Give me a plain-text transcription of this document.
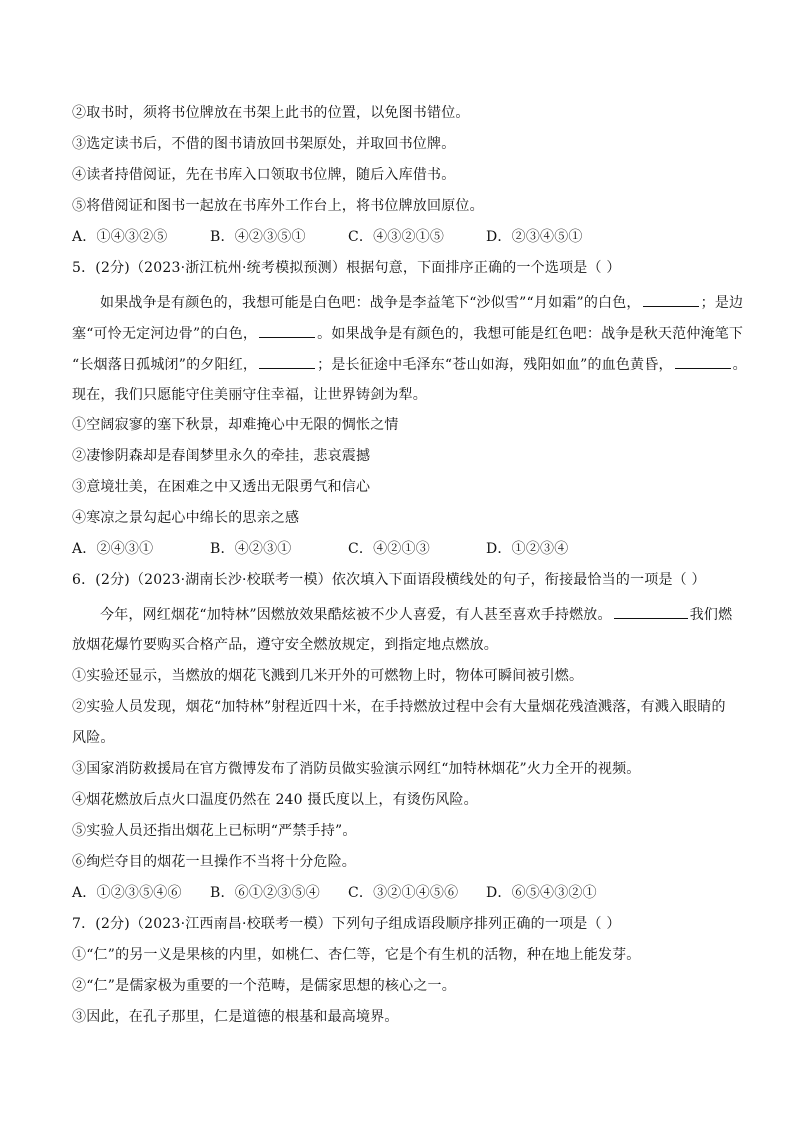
②取书时，须将书位牌放在书架上此书的位置，以免图书错位。
③选定读书后，不借的图书请放回书架原处，并取回书位牌。
④读者持借阅证，先在书库入口领取书位牌，随后入库借书。
⑤将借阅证和图书一起放在书库外工作台上，将书位牌放回原位。
A．①④③②⑤	B．④②③⑤①	C．④③②①⑤	D．②③④⑤①
5．(2分)（2023·浙江杭州·统考模拟预测）根据句意，下面排序正确的一个选项是（ ）
如果战争是有颜色的，我想可能是白色吧：战争是李益笔下“沙似雪”“月如霜”的白色，	；是边
塞“可怜无定河边骨”的白色，	。如果战争是有颜色的，我想可能是红色吧：战争是秋天范仲淹笔下
“长烟落日孤城闭”的夕阳红，	；是长征途中毛泽东“苍山如海，残阳如血”的血色黄昏，	。
现在，我们只愿能守住美丽守住幸福，让世界铸剑为犁。
①空阔寂寥的塞下秋景，却难掩心中无限的惆怅之情
②凄惨阴森却是春闺梦里永久的牵挂，悲哀震撼
③意境壮美，在困难之中又透出无限勇气和信心
④寒凉之景勾起心中绵长的思亲之感
A．②④③①	B．④②③①	C．④②①③	D．①②③④
6．(2分)（2023·湖南长沙·校联考一模）依次填入下面语段横线处的句子，衔接最恰当的一项是（ ）
今年，网红烟花“加特林”因燃放效果酷炫被不少人喜爱，有人甚至喜欢手持燃放。	我们燃
放烟花爆竹要购买合格产品，遵守安全燃放规定，到指定地点燃放。
①实验还显示，当燃放的烟花飞溅到几米开外的可燃物上时，物体可瞬间被引燃。
②实验人员发现，烟花“加特林”射程近四十米，在手持燃放过程中会有大量烟花残渣溅落，有溅入眼睛的
风险。
③国家消防救援局在官方微博发布了消防员做实验演示网红“加特林烟花”火力全开的视频。
④烟花燃放后点火口温度仍然在 240 摄氏度以上，有烫伤风险。
⑤实验人员还指出烟花上已标明“严禁手持”。
⑥绚烂夺目的烟花一旦操作不当将十分危险。
A．①②③⑤④⑥ B．⑥①②③⑤④ C．③②①④⑤⑥ D．⑥⑤④③②①
7．(2分)（2023·江西南昌·校联考一模）下列句子组成语段顺序排列正确的一项是（ ）
①“仁”的另一义是果核的内里，如桃仁、杏仁等，它是个有生机的活物，种在地上能发芽。
②“仁”是儒家极为重要的一个范畴，是儒家思想的核心之一。
③因此，在孔子那里，仁是道德的根基和最高境界。
